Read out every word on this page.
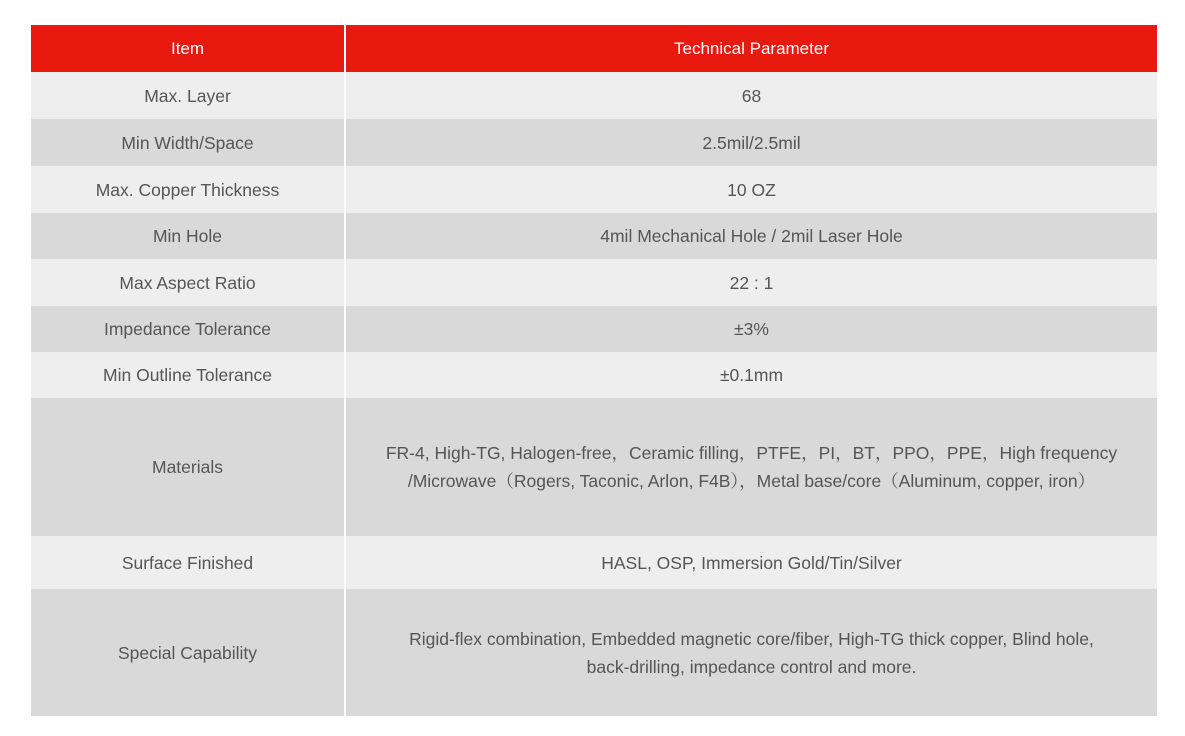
Item	Technical Parameter
Max. Layer	68
Min Width/Space	2.5mil/2.5mil
Max. Copper Thickness	10 OZ
Min Hole	4mil Mechanical Hole / 2mil Laser Hole
Max Aspect Ratio	22 : 1
Impedance Tolerance	±3%
Min Outline Tolerance	±0.1mm
Materials	FR-4, High-TG, Halogen-free，Ceramic filling，PTFE，PI，BT，PPO，PPE，High frequency
/Microwave（Rogers, Taconic, Arlon, F4B），Metal base/core（Aluminum, copper, iron）

Surface Finished	HASL, OSP, Immersion Gold/Tin/Silver
Special Capability	Rigid-flex combination, Embedded magnetic core/fiber, High-TG thick copper, Blind hole,
back-drilling, impedance control and more.
